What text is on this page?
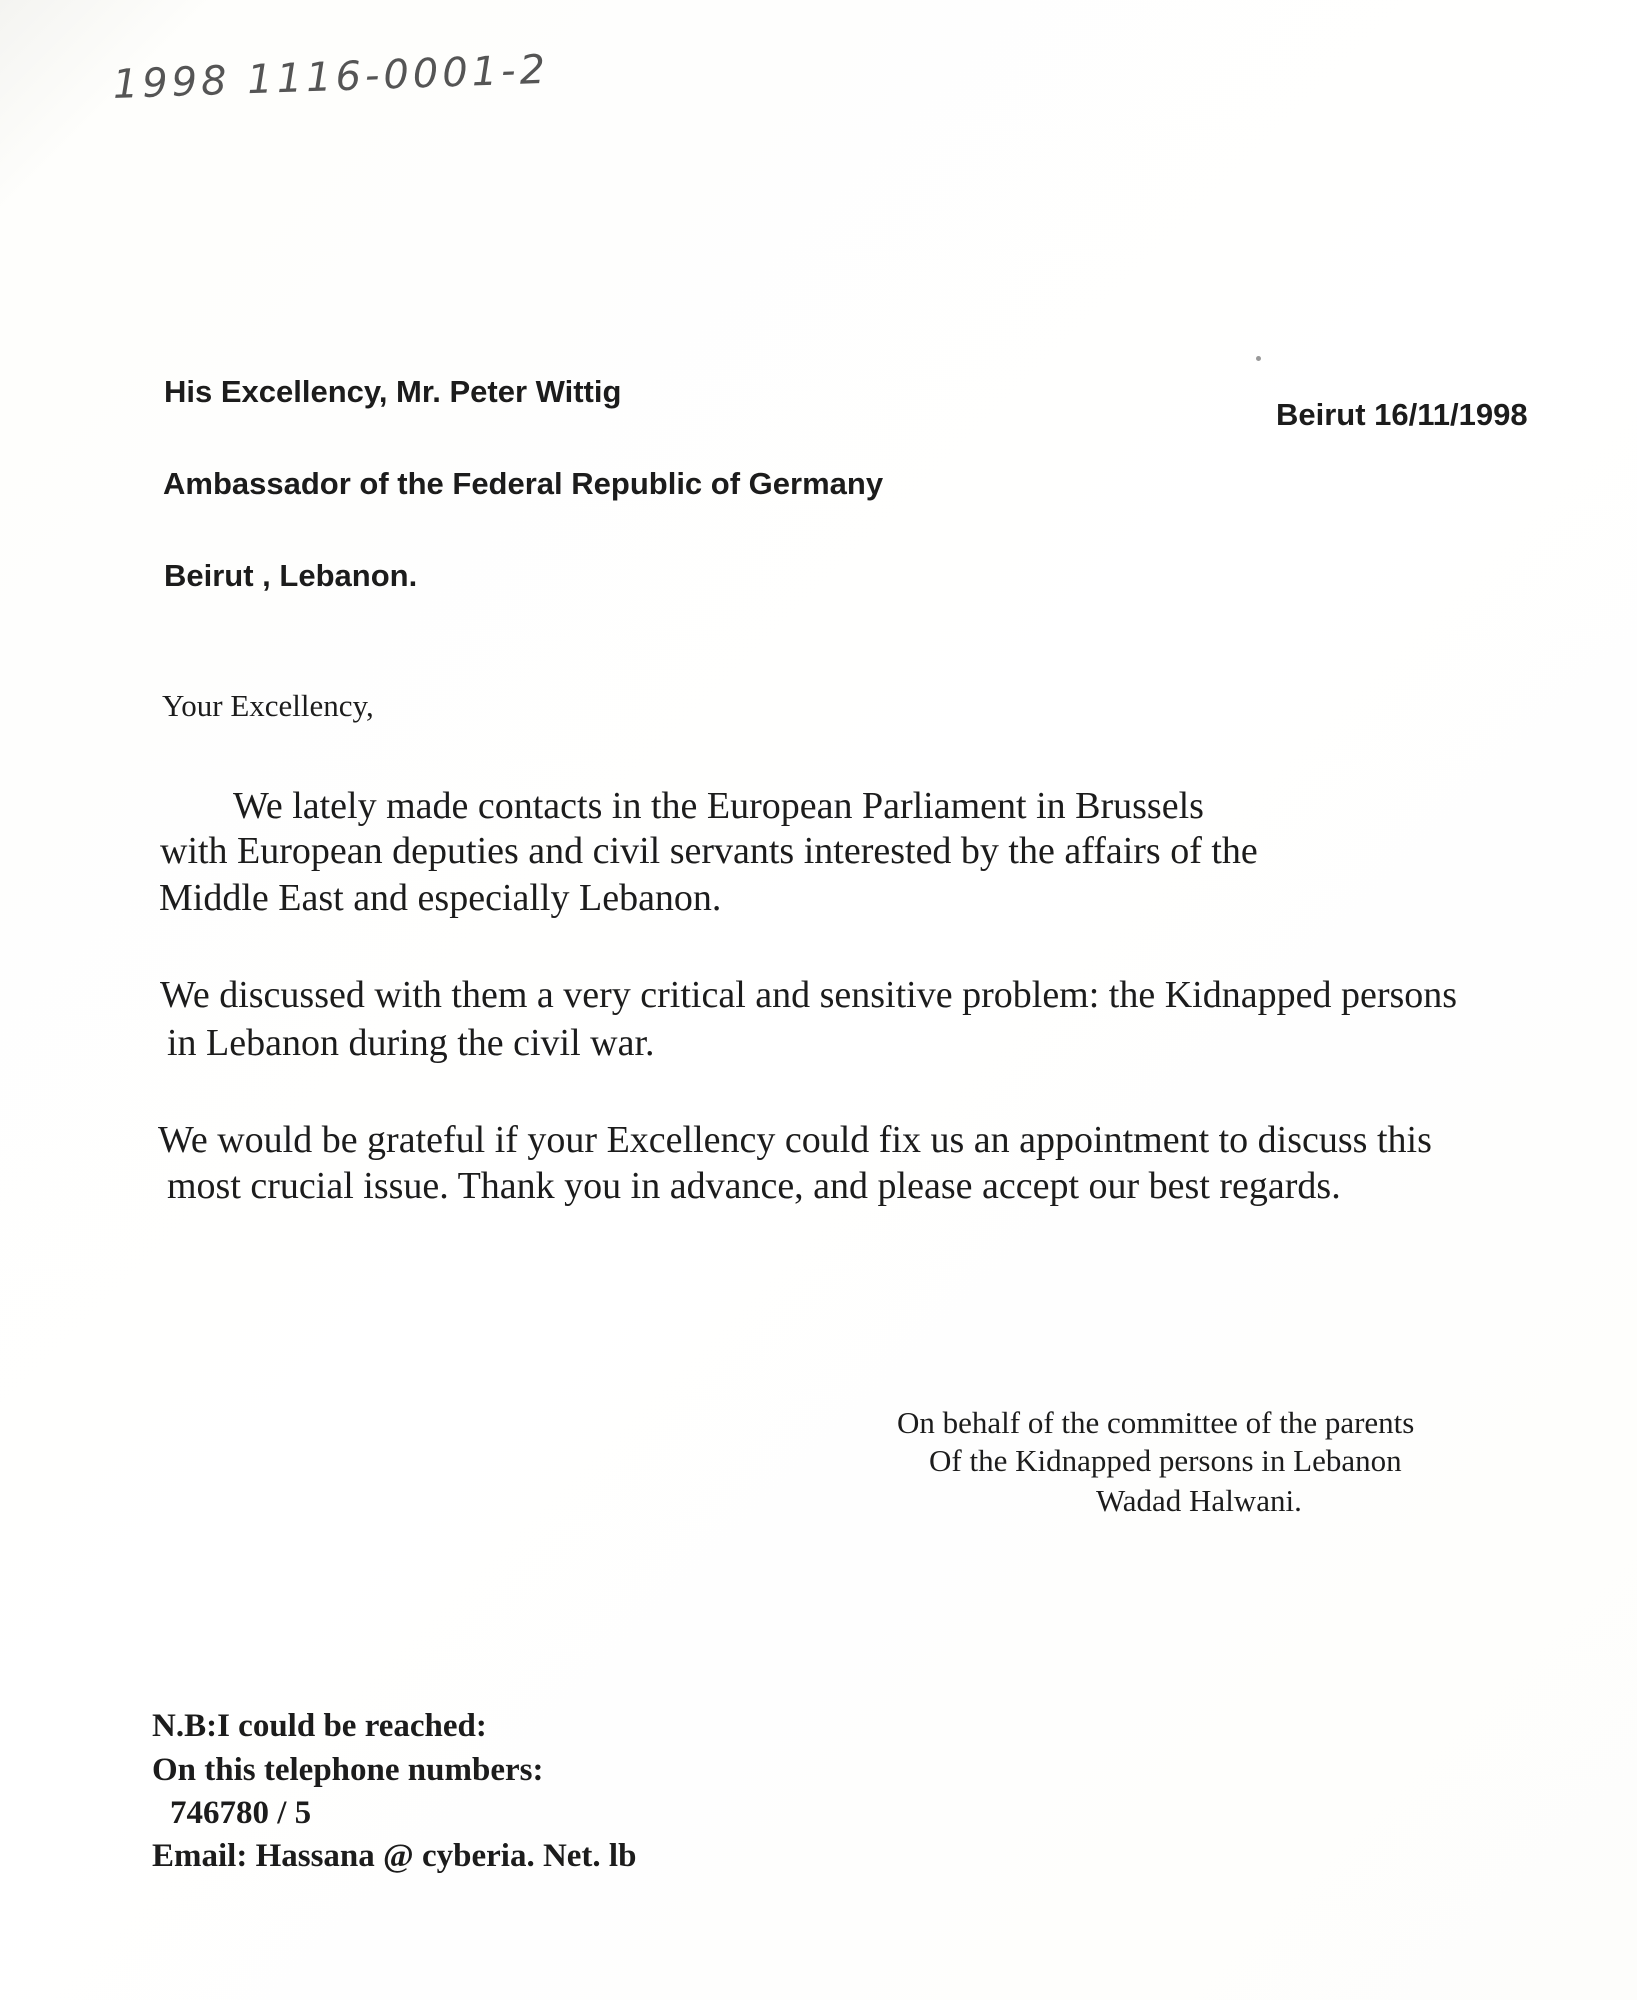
1998 1116-0001-2
His Excellency, Mr. Peter Wittig
Ambassador of the Federal Republic of Germany
Beirut , Lebanon.
Beirut 16/11/1998
Your Excellency,
We lately made contacts in the European Parliament in Brussels
with European deputies and civil servants interested by the affairs of the
Middle East and especially Lebanon.
We discussed with them a very critical and sensitive problem: the Kidnapped persons
in Lebanon during the civil war.
We would be grateful if your Excellency could fix us an appointment to discuss this
most crucial issue. Thank you in advance, and please accept our best regards.
On behalf of the committee of the parents
Of the Kidnapped persons in Lebanon
Wadad Halwani.
N.B:I could be reached:
On this telephone numbers:
746780 / 5
Email: Hassana @ cyberia. Net. lb
